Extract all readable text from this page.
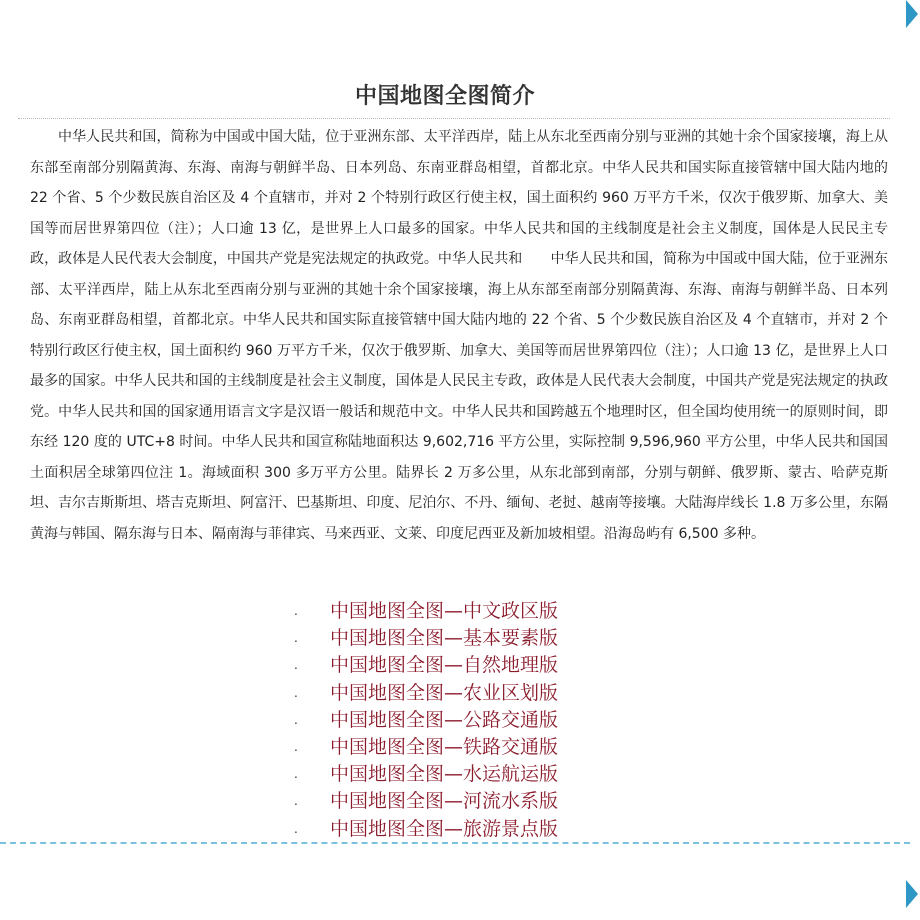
中国地图全图简介

中华人民共和国，简称为中国或中国大陆，位于亚洲东部、太平洋西岸，陆上从东北至西南分别与亚洲的其她十余个国家接壤，海上从东部至南部分别隔黄海、东海、南海与朝鲜半岛、日本列岛、东南亚群岛相望，首都北京。中华人民共和国实际直接管辖中国大陆内地的 22 个省、5 个少数民族自治区及 4 个直辖市，并对 2 个特别行政区行使主权，国土面积约 960 万平方千米，仅次于俄罗斯、加拿大、美国等而居世界第四位（注）；人口逾 13 亿，是世界上人口最多的国家。中华人民共和国的主线制度是社会主义制度，国体是人民民主专政，政体是人民代表大会制度，中国共产党是宪法规定的执政党。中华人民共和　　中华人民共和国，简称为中国或中国大陆，位于亚洲东部、太平洋西岸，陆上从东北至西南分别与亚洲的其她十余个国家接壤，海上从东部至南部分别隔黄海、东海、南海与朝鲜半岛、日本列岛、东南亚群岛相望，首都北京。中华人民共和国实际直接管辖中国大陆内地的 22 个省、5 个少数民族自治区及 4 个直辖市，并对 2 个特别行政区行使主权，国土面积约 960 万平方千米，仅次于俄罗斯、加拿大、美国等而居世界第四位（注）；人口逾 13 亿，是世界上人口最多的国家。中华人民共和国的主线制度是社会主义制度，国体是人民民主专政，政体是人民代表大会制度，中国共产党是宪法规定的执政党。中华人民共和国的国家通用语言文字是汉语一般话和规范中文。中华人民共和国跨越五个地理时区，但全国均使用统一的原则时间，即东经 120 度的 UTC+8 时间。中华人民共和国宣称陆地面积达 9,602,716 平方公里，实际控制 9,596,960 平方公里，中华人民共和国国土面积居全球第四位注 1。海域面积 300 多万平方公里。陆界长 2 万多公里，从东北部到南部，分别与朝鲜、俄罗斯、蒙古、哈萨克斯坦、吉尔吉斯斯坦、塔吉克斯坦、阿富汗、巴基斯坦、印度、尼泊尔、不丹、缅甸、老挝、越南等接壤。大陆海岸线长 1.8 万多公里，东隔黄海与韩国、隔东海与日本、隔南海与菲律宾、马来西亚、文莱、印度尼西亚及新加坡相望。沿海岛屿有 6,500 多种。

. 中国地图全图—中文政区版
. 中国地图全图—基本要素版
. 中国地图全图—自然地理版
. 中国地图全图—农业区划版
. 中国地图全图—公路交通版
. 中国地图全图—铁路交通版
. 中国地图全图—水运航运版
. 中国地图全图—河流水系版
. 中国地图全图—旅游景点版
